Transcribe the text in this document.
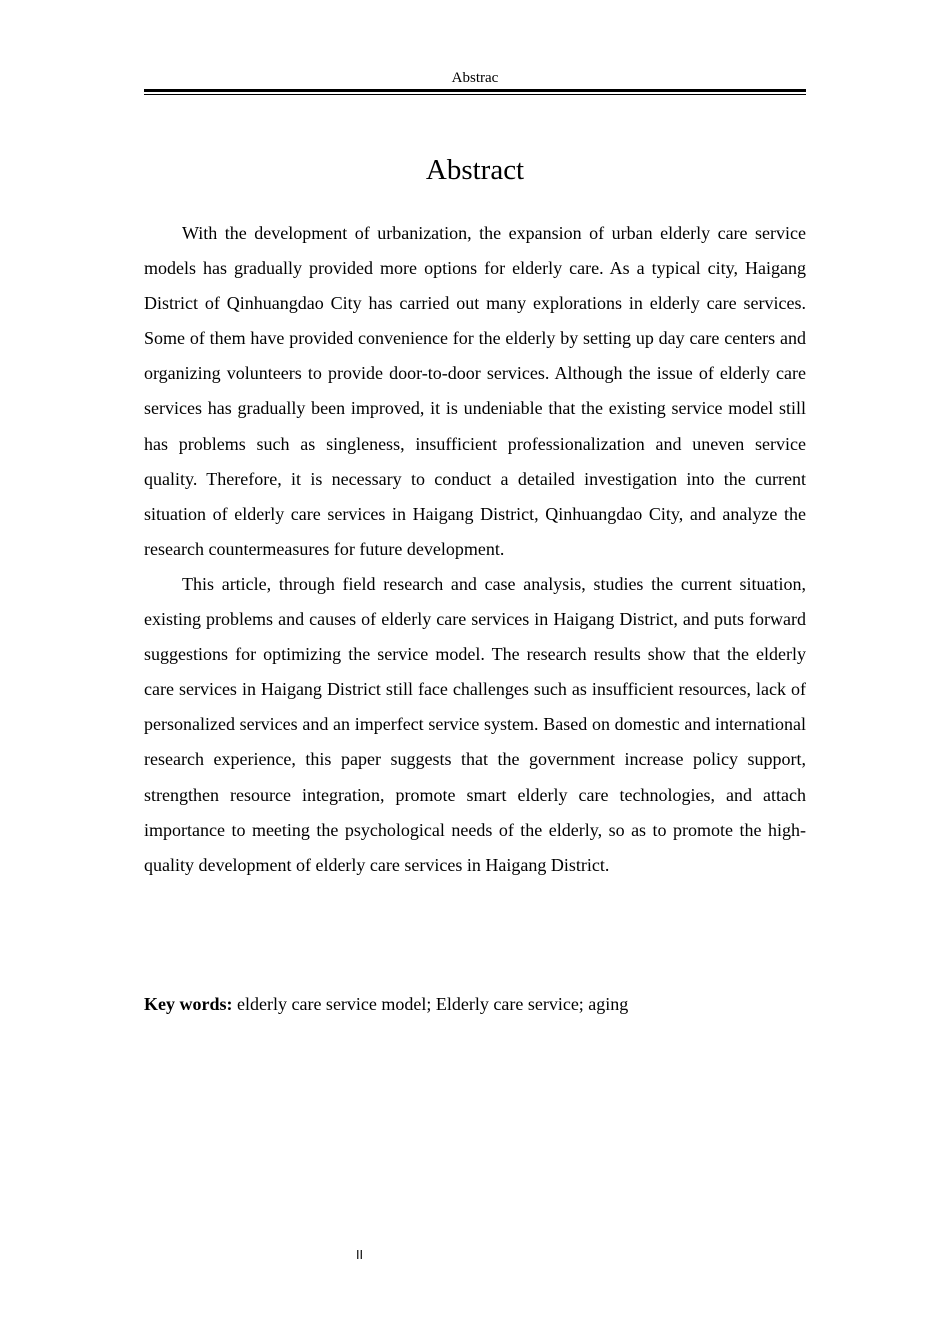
Abstrac
Abstract

With the development of urbanization, the expansion of urban elderly care service models has gradually provided more options for elderly care. As a typical city, Haigang District of Qinhuangdao City has carried out many explorations in elderly care services. Some of them have provided convenience for the elderly by setting up day care centers and organizing volunteers to provide door-to-door services. Although the issue of elderly care services has gradually been improved, it is undeniable that the existing service model still has problems such as singleness, insufficient professionalization and uneven service quality. Therefore, it is necessary to conduct a detailed investigation into the current situation of elderly care services in Haigang District, Qinhuangdao City, and analyze the research countermeasures for future development.

This article, through field research and case analysis, studies the current situation, existing problems and causes of elderly care services in Haigang District, and puts forward suggestions for optimizing the service model. The research results show that the elderly care services in Haigang District still face challenges such as insufficient resources, lack of personalized services and an imperfect service system. Based on domestic and international research experience, this paper suggests that the government increase policy support, strengthen resource integration, promote smart elderly care technologies, and attach importance to meeting the psychological needs of the elderly, so as to promote the high-quality development of elderly care services in Haigang District.

Key words: elderly care service model; Elderly care service; aging
II
